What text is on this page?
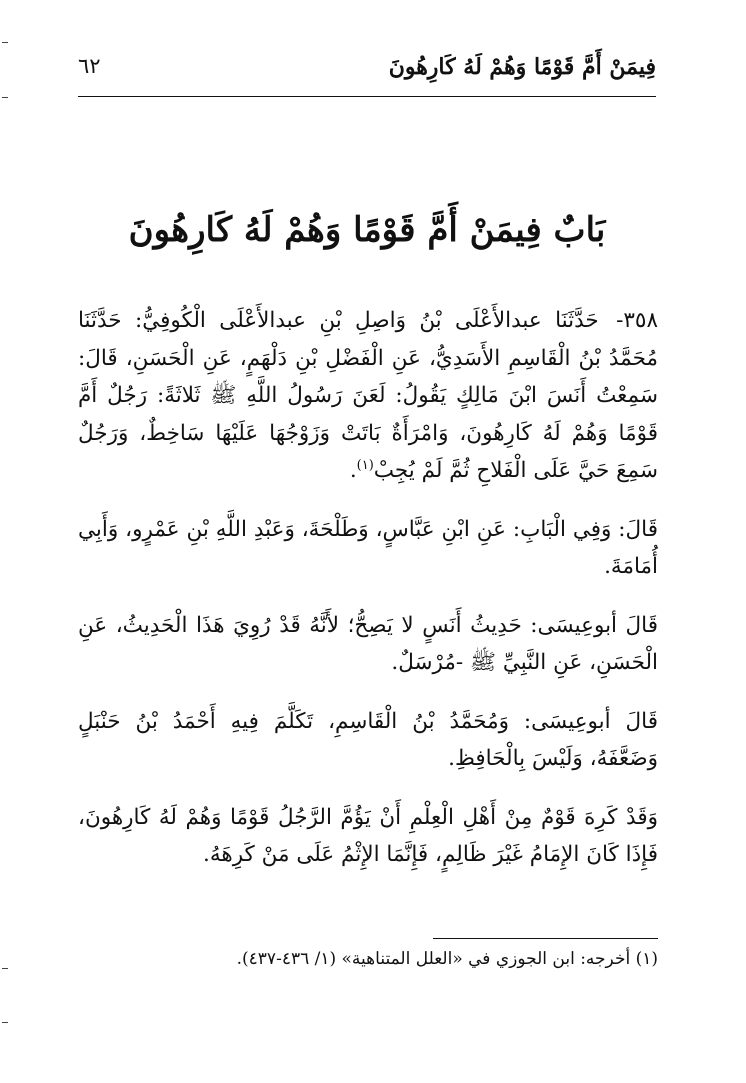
فِيمَنْ أَمَّ قَوْمًا وَهُمْ لَهُ كَارِهُونَ
٦٢
بَابٌ فِيمَنْ أَمَّ قَوْمًا وَهُمْ لَهُ كَارِهُونَ

٣٥٨- حَدَّثَنَا عبدالأَعْلَى بْنُ وَاصِلِ بْنِ عبدالأَعْلَى الْكُوفِيُّ: حَدَّثَنَا مُحَمَّدُ بْنُ الْقَاسِمِ الأَسَدِيُّ، عَنِ الْفَضْلِ بْنِ دَلْهَمٍ، عَنِ الْحَسَنِ، قَالَ: سَمِعْتُ أَنَسَ ابْنَ مَالِكٍ يَقُولُ: لَعَنَ رَسُولُ اللَّهِ ﷺ ثَلاثَةً: رَجُلٌ أَمَّ قَوْمًا وَهُمْ لَهُ كَارِهُونَ، وَامْرَأَةٌ بَاتَتْ وَزَوْجُهَا عَلَيْهَا سَاخِطٌ، وَرَجُلٌ سَمِعَ حَيَّ عَلَى الْفَلاحِ ثُمَّ لَمْ يُجِبْ$^{(١)}$.

قَالَ: وَفِي الْبَابِ: عَنِ ابْنِ عَبَّاسٍ، وَطَلْحَةَ، وَعَبْدِ اللَّهِ بْنِ عَمْرٍو، وَأَبِي أُمَامَةَ.

قَالَ أبوعِيسَى: حَدِيثُ أَنَسٍ لا يَصِحُّ؛ لأَنَّهُ قَدْ رُوِيَ هَذَا الْحَدِيثُ، عَنِ الْحَسَنِ، عَنِ النَّبِيِّ ﷺ -مُرْسَلٌ.

قَالَ أبوعِيسَى: وَمُحَمَّدُ بْنُ الْقَاسِمِ، تَكَلَّمَ فِيهِ أَحْمَدُ بْنُ حَنْبَلٍ وَضَعَّفَهُ، وَلَيْسَ بِالْحَافِظِ.

وَقَدْ كَرِهَ قَوْمٌ مِنْ أَهْلِ الْعِلْمِ أَنْ يَؤُمَّ الرَّجُلُ قَوْمًا وَهُمْ لَهُ كَارِهُونَ، فَإِذَا كَانَ الإِمَامُ غَيْرَ ظَالِمٍ، فَإِنَّمَا الإِثْمُ عَلَى مَنْ كَرِهَهُ.

(١) أخرجه: ابن الجوزي في «العلل المتناهية» (١/ ٤٣٦-٤٣٧).
